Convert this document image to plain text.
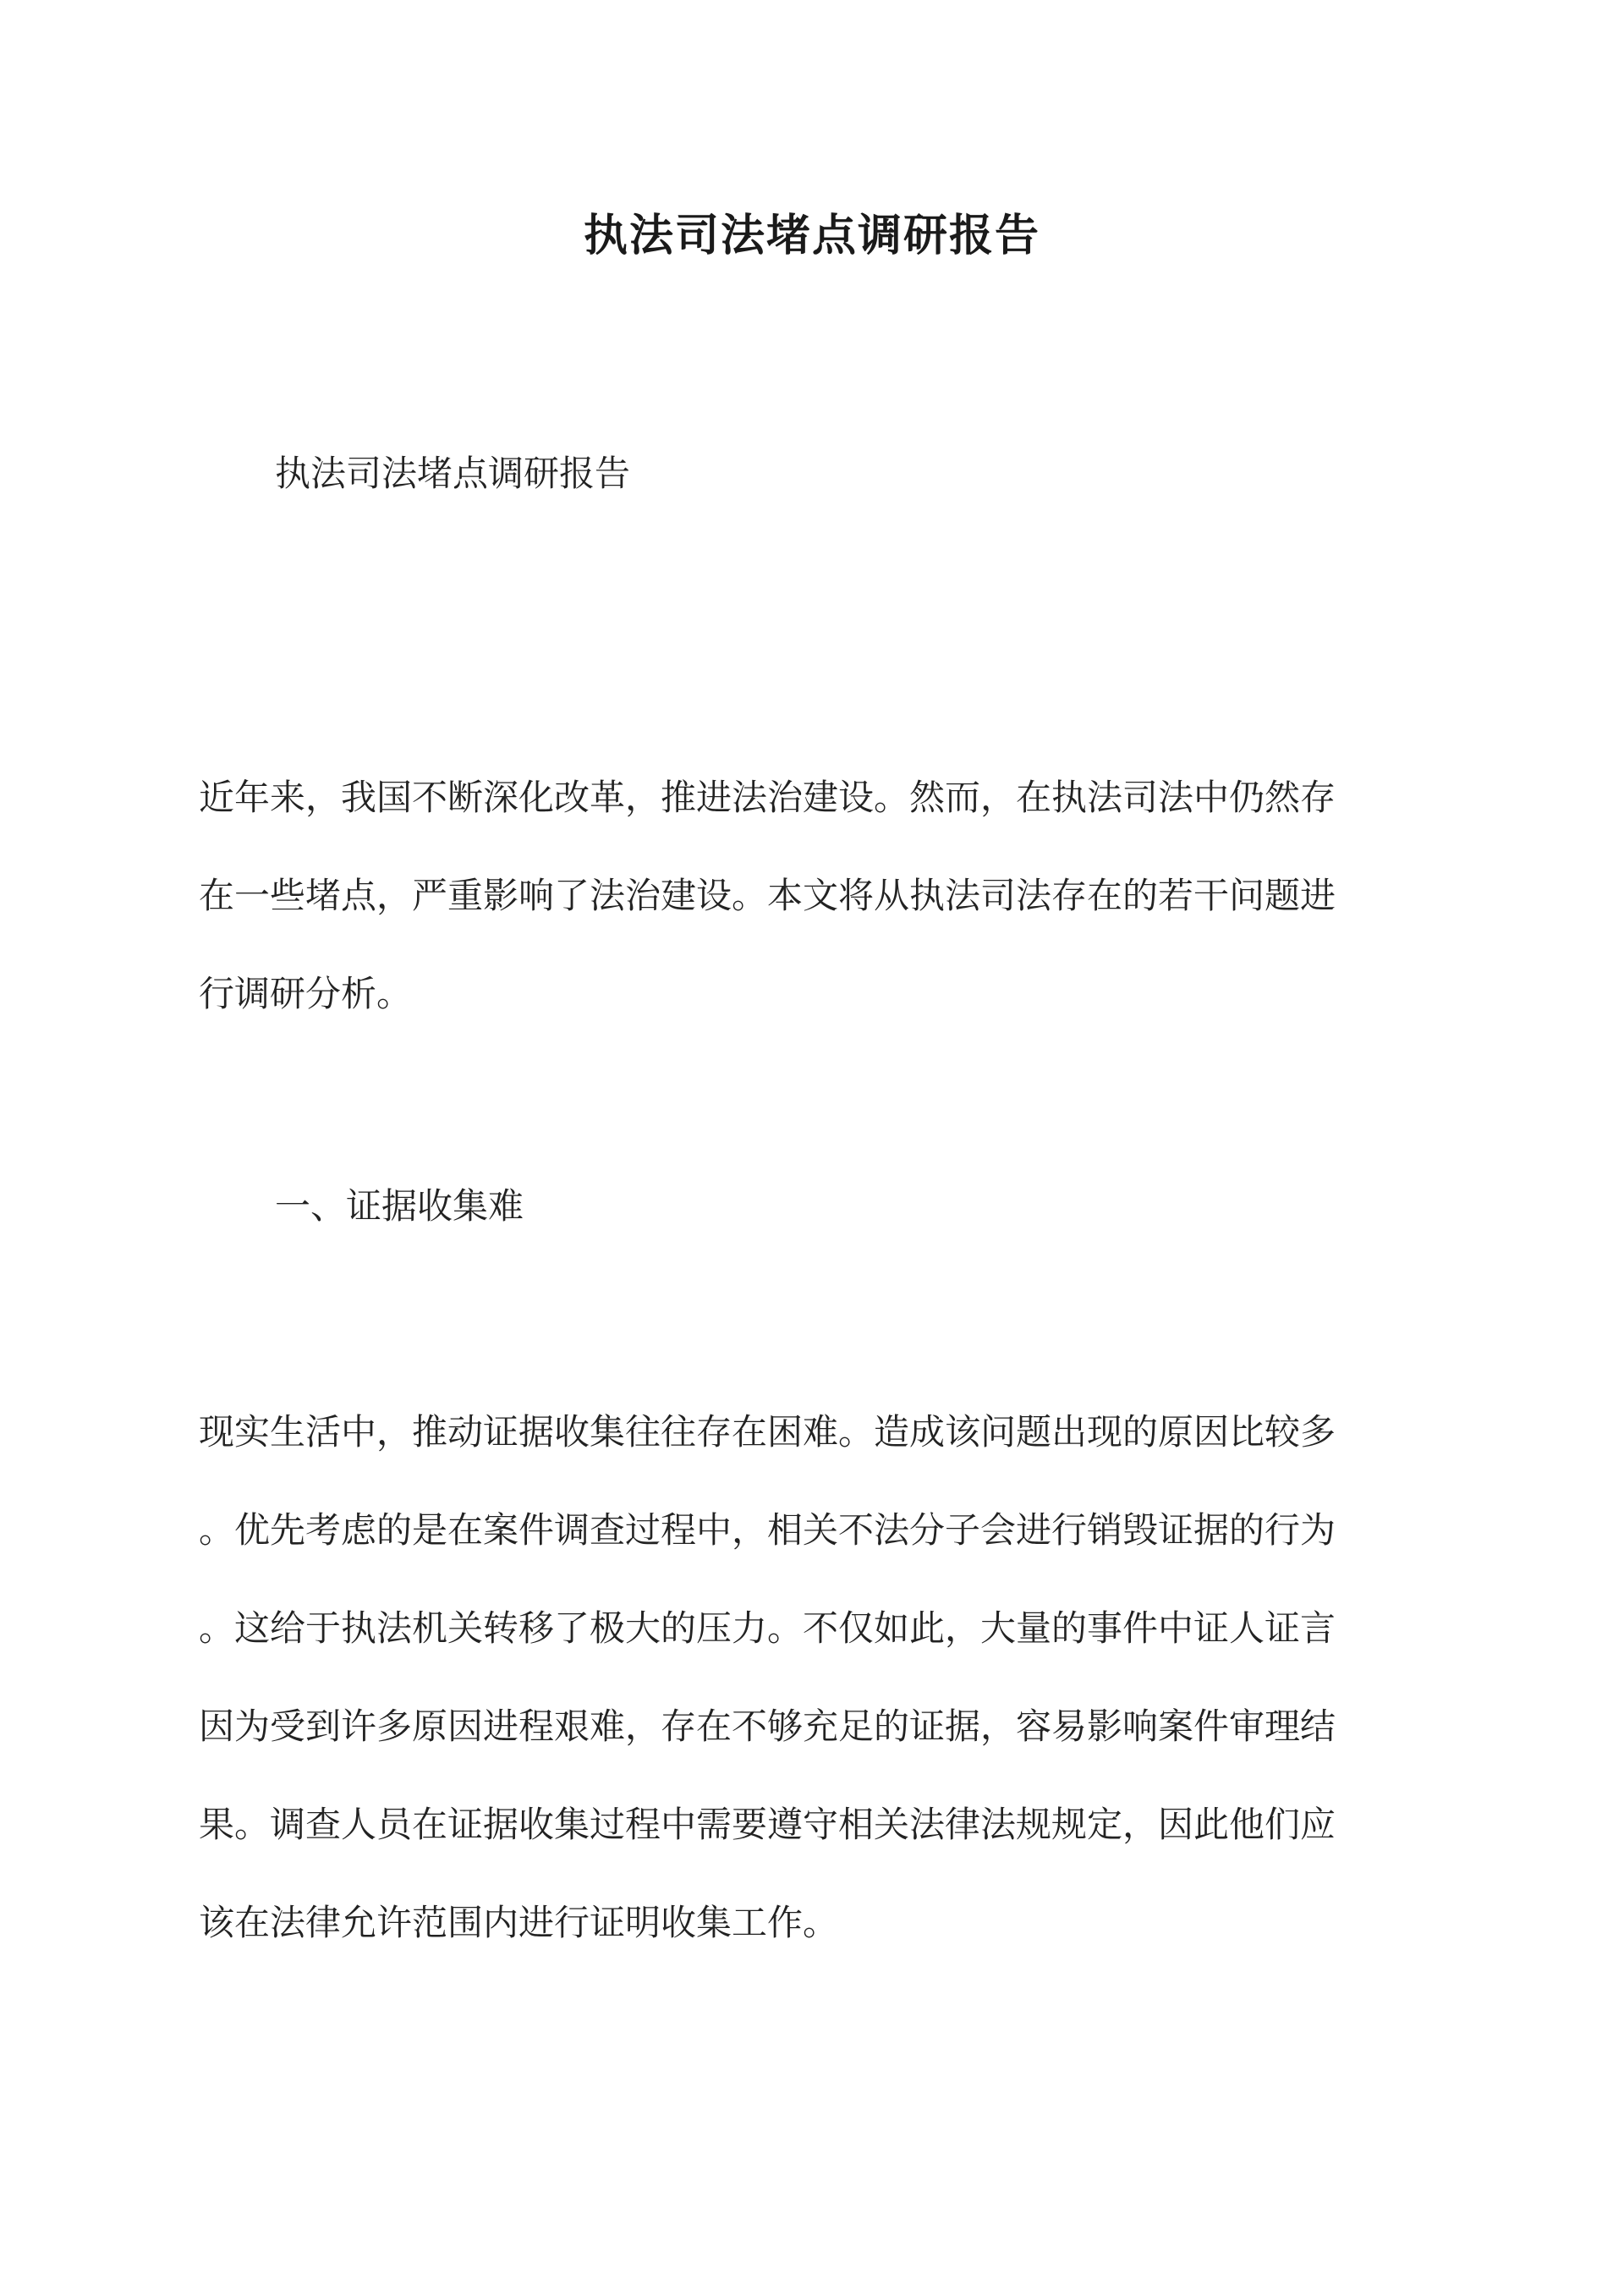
执法司法堵点调研报告
执法司法堵点调研报告
近年来，我国不断深化改革，推进法治建设。然而，在执法司法中仍然存
在一些堵点，严重影响了法治建设。本文将从执法司法存在的若干问题进
行调研分析。
一、证据收集难
现实生活中，推动证据收集往往存在困难。造成该问题出现的原因比较多
。优先考虑的是在案件调查过程中，相关不法分子会进行销毁证据的行为
。这给于执法机关转移了极大的压力。不仅如此，大量的事件中证人证言
因为受到许多原因进程艰难，存在不够充足的证据，容易影响案件审理结
果。调查人员在证据收集过程中需要遵守相关法律法规规定，因此他们应
该在法律允许范围内进行证明收集工作。
